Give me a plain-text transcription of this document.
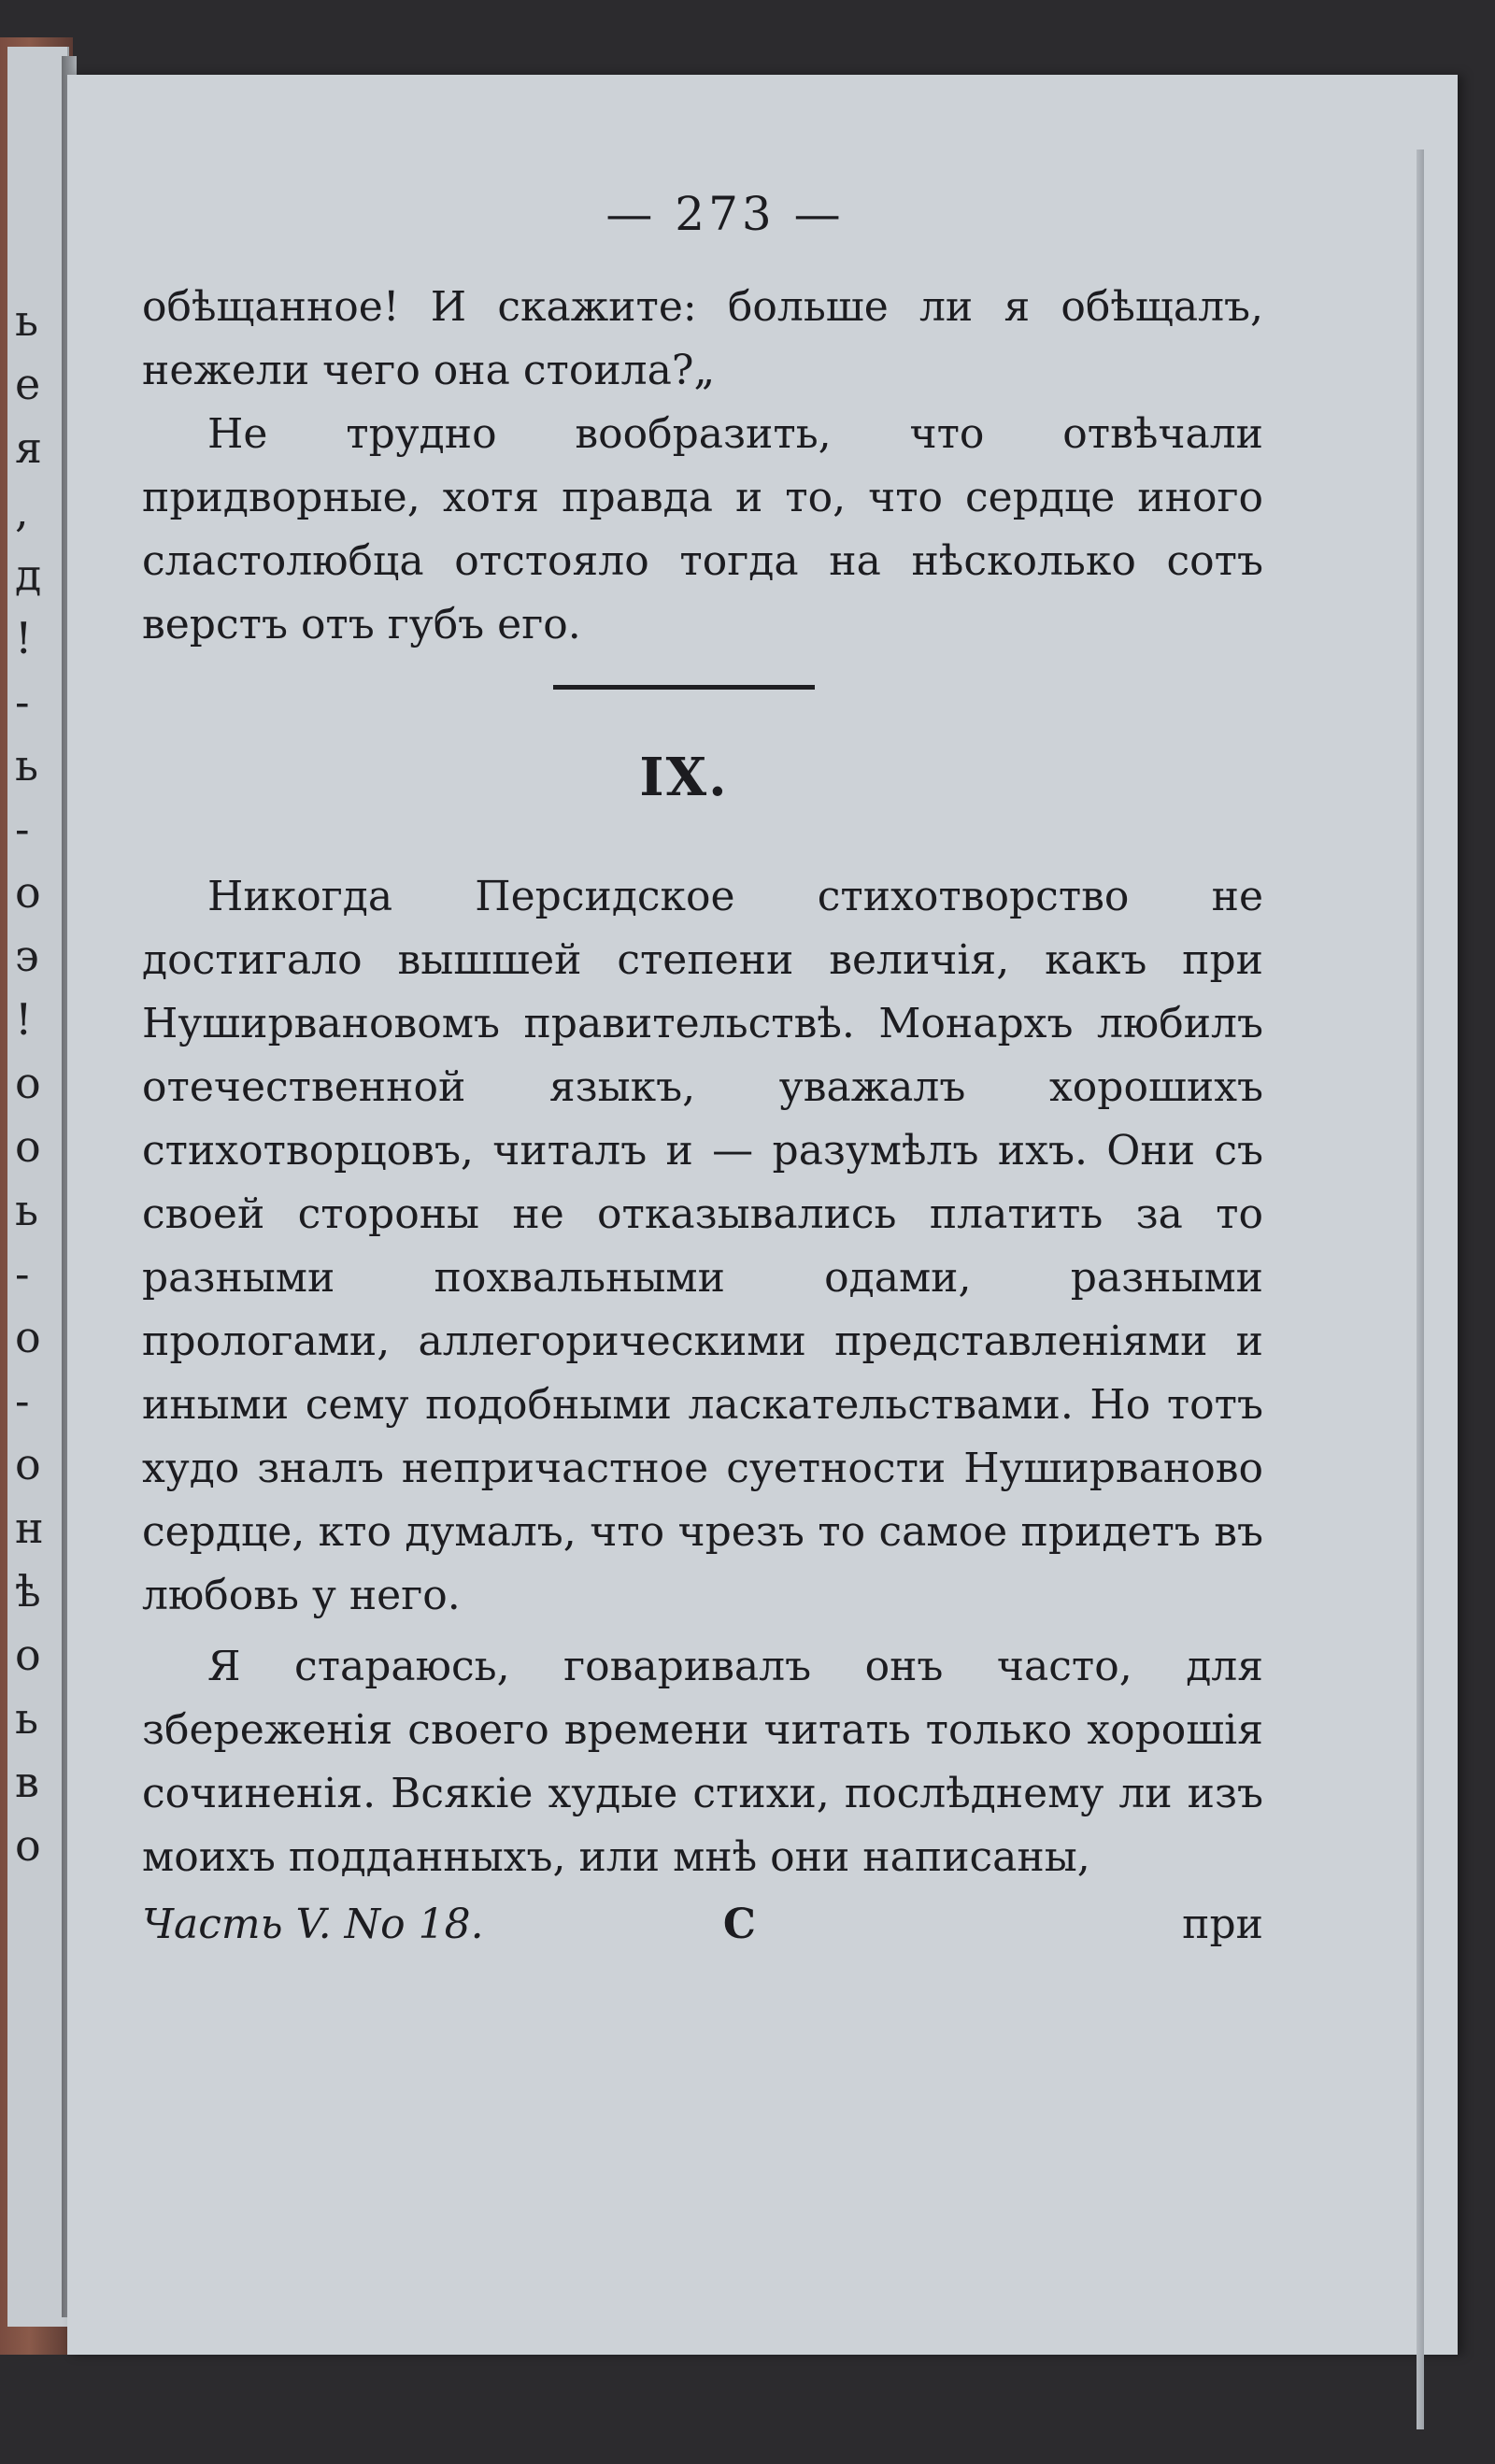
ь
е
я
,
д
!
-
ь
-
о
э
!
о
о
ь
-
о
-
о
н
ѣ
о
ь
в
о
— 273 —

обѣщанное! И скажите: больше ли я обѣщалъ, нежели чего она стоила?„

Не трудно вообразить, что отвѣчали придворные, хотя правда и то, что сердце иного сластолюбца отстояло тогда на нѣсколько сотъ верстъ отъ губъ его.

IX.

Никогда Персидское стихотворство не достигало вышшей степени величія, какъ при Нуширвановомъ правительствѣ. Монархъ любилъ отечественной языкъ, уважалъ хорошихъ стихотворцовъ, читалъ и — разумѣлъ ихъ. Они съ своей стороны не отказывались платить за то разными похвальными одами, разными прологами, аллегорическими представленіями и иными сему подобными ласкательствами. Но тотъ худо зналъ непричастное суетности Нуширваново сердце, кто думалъ, что чрезъ то самое придетъ въ любовь у него.

Я стараюсь, говаривалъ онъ часто, для збереженія своего времени читать только хорошія сочиненія. Всякіе худые стихи, послѣднему ли изъ моихъ подданныхъ, или мнѣ они написаны,

Часть V. No 18.	С	при
